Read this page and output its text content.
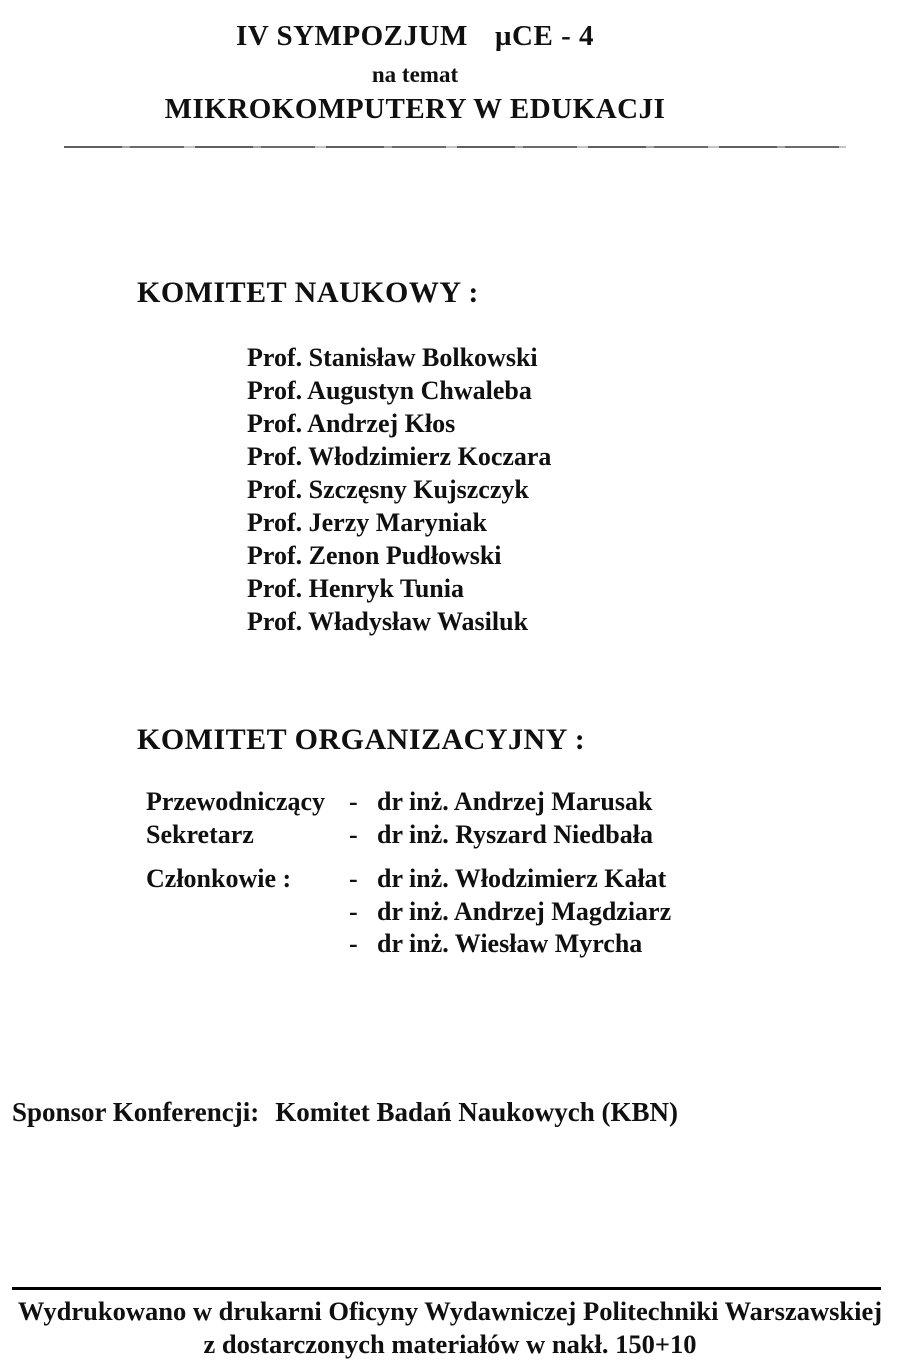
IV SYMPOZJUM µCE - 4
na temat
MIKROKOMPUTERY W EDUKACJI
KOMITET NAUKOWY :
Prof. Stanisław Bolkowski
Prof. Augustyn Chwaleba
Prof. Andrzej Kłos
Prof. Włodzimierz Koczara
Prof. Szczęsny Kujszczyk
Prof. Jerzy Maryniak
Prof. Zenon Pudłowski
Prof. Henryk Tunia
Prof. Władysław Wasiluk
KOMITET ORGANIZACYJNY :
Przewodniczący - dr inż. Andrzej Marusak
Sekretarz	- dr inż. Ryszard Niedbała
Członkowie :	- dr inż. Włodzimierz Kałat
- dr inż. Andrzej Magdziarz
- dr inż. Wiesław Myrcha
Sponsor Konferencji: Komitet Badań Naukowych (KBN)
Wydrukowano w drukarni Oficyny Wydawniczej Politechniki Warszawskiej
z dostarczonych materiałów w nakł. 150+10
